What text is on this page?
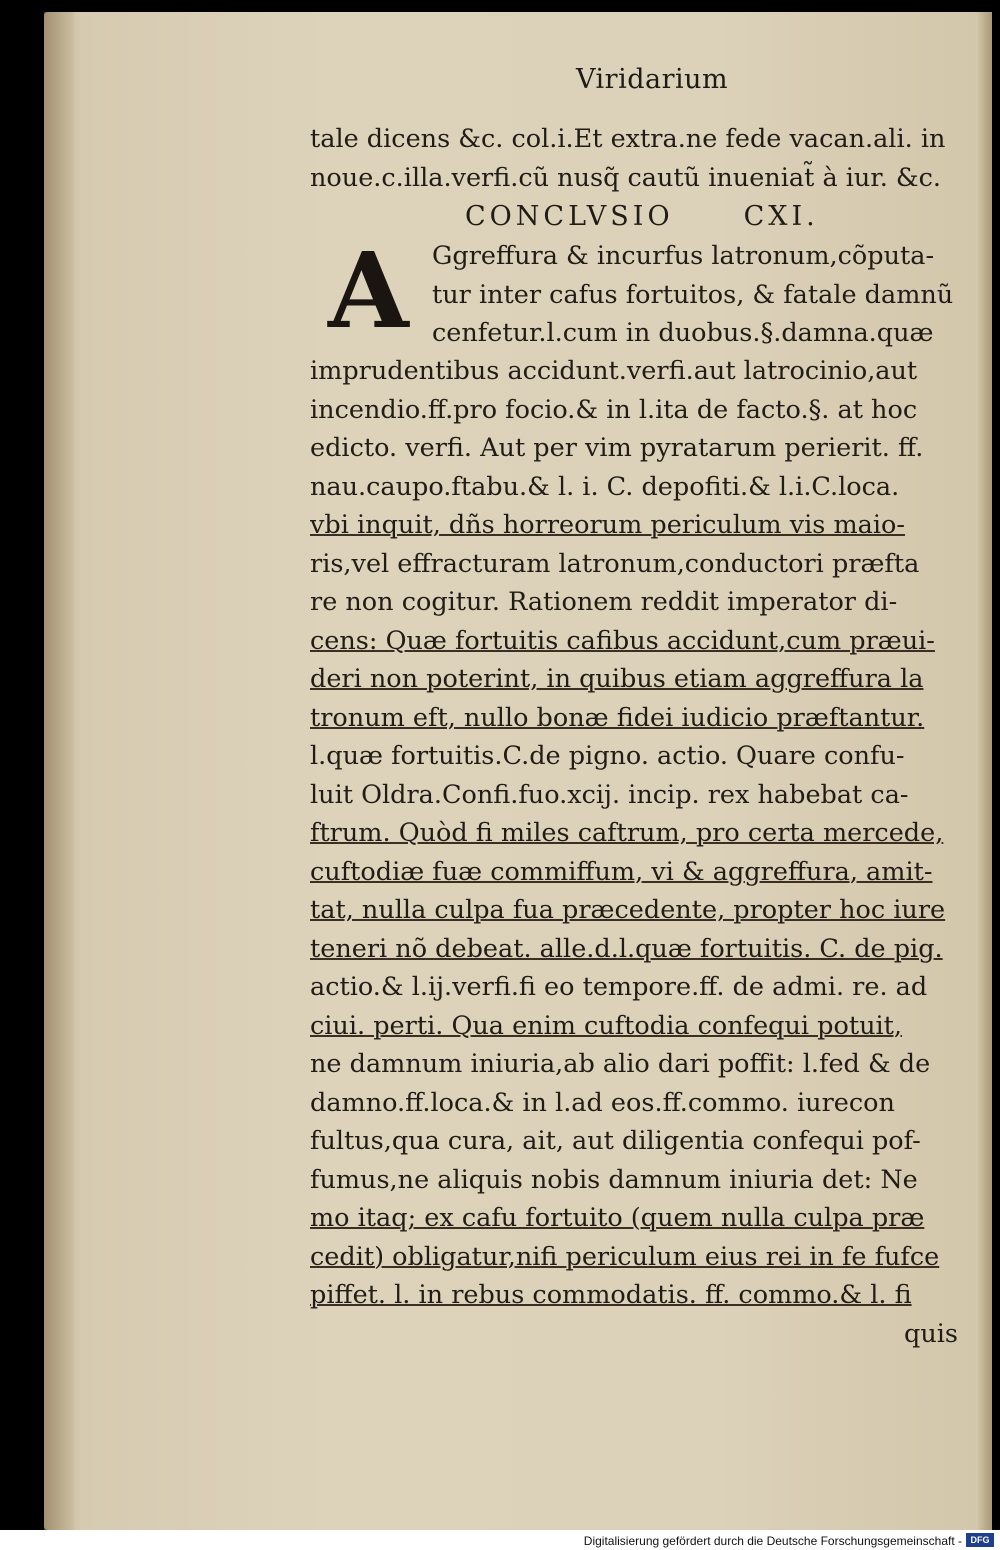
Viridarium
tale dicens &c. col.i.Et extra.ne fede vacan.ali. in
noue.c.illa.verfi.cũ nusq̃ cautũ inueniat̃ à iur. &c.
CONCLVSIO	CXI.
A Ggreffura & incurfus latronum,cõputa-
tur inter cafus fortuitos, & fatale damnũ
cenfetur.l.cum in duobus.§.damna.quæ
imprudentibus accidunt.verfi.aut latrocinio,aut
incendio.ff.pro focio.& in l.ita de facto.§. at hoc
edicto. verfi. Aut per vim pyratarum perierit. ff.
nau.caupo.ftabu.& l. i. C. depofiti.& l.i.C.loca.
vbi inquit, dñs horreorum periculum vis maio-
ris,vel effracturam latronum,conductori præfta
re non cogitur. Rationem reddit imperator di-
cens: Quæ fortuitis cafibus accidunt,cum præui-
deri non poterint, in quibus etiam aggreffura la
tronum eft, nullo bonæ fidei iudicio præftantur.
l.quæ fortuitis.C.de pigno. actio. Quare confu-
luit Oldra.Confi.fuo.xcij. incip. rex habebat ca-
ftrum. Quòd fi miles caftrum, pro certa mercede,
cuftodiæ fuæ commiffum, vi & aggreffura, amit-
tat, nulla culpa fua præcedente, propter hoc iure
teneri nõ debeat. alle.d.l.quæ fortuitis. C. de pig.
actio.& l.ij.verfi.fi eo tempore.ff. de admi. re. ad
ciui. perti. Qua enim cuftodia confequi potuit,
ne damnum iniuria,ab alio dari poffit: l.fed & de
damno.ff.loca.& in l.ad eos.ff.commo. iurecon
fultus,qua cura, ait, aut diligentia confequi pof-
fumus,ne aliquis nobis damnum iniuria det: Ne
mo itaq; ex cafu fortuito (quem nulla culpa præ
cedit) obligatur,nifi periculum eius rei in fe fufce
piffet. l. in rebus commodatis. ff. commo.& l. fi
quis
Digitalisierung gefördert durch die Deutsche Forschungsgemeinschaft - DFG
